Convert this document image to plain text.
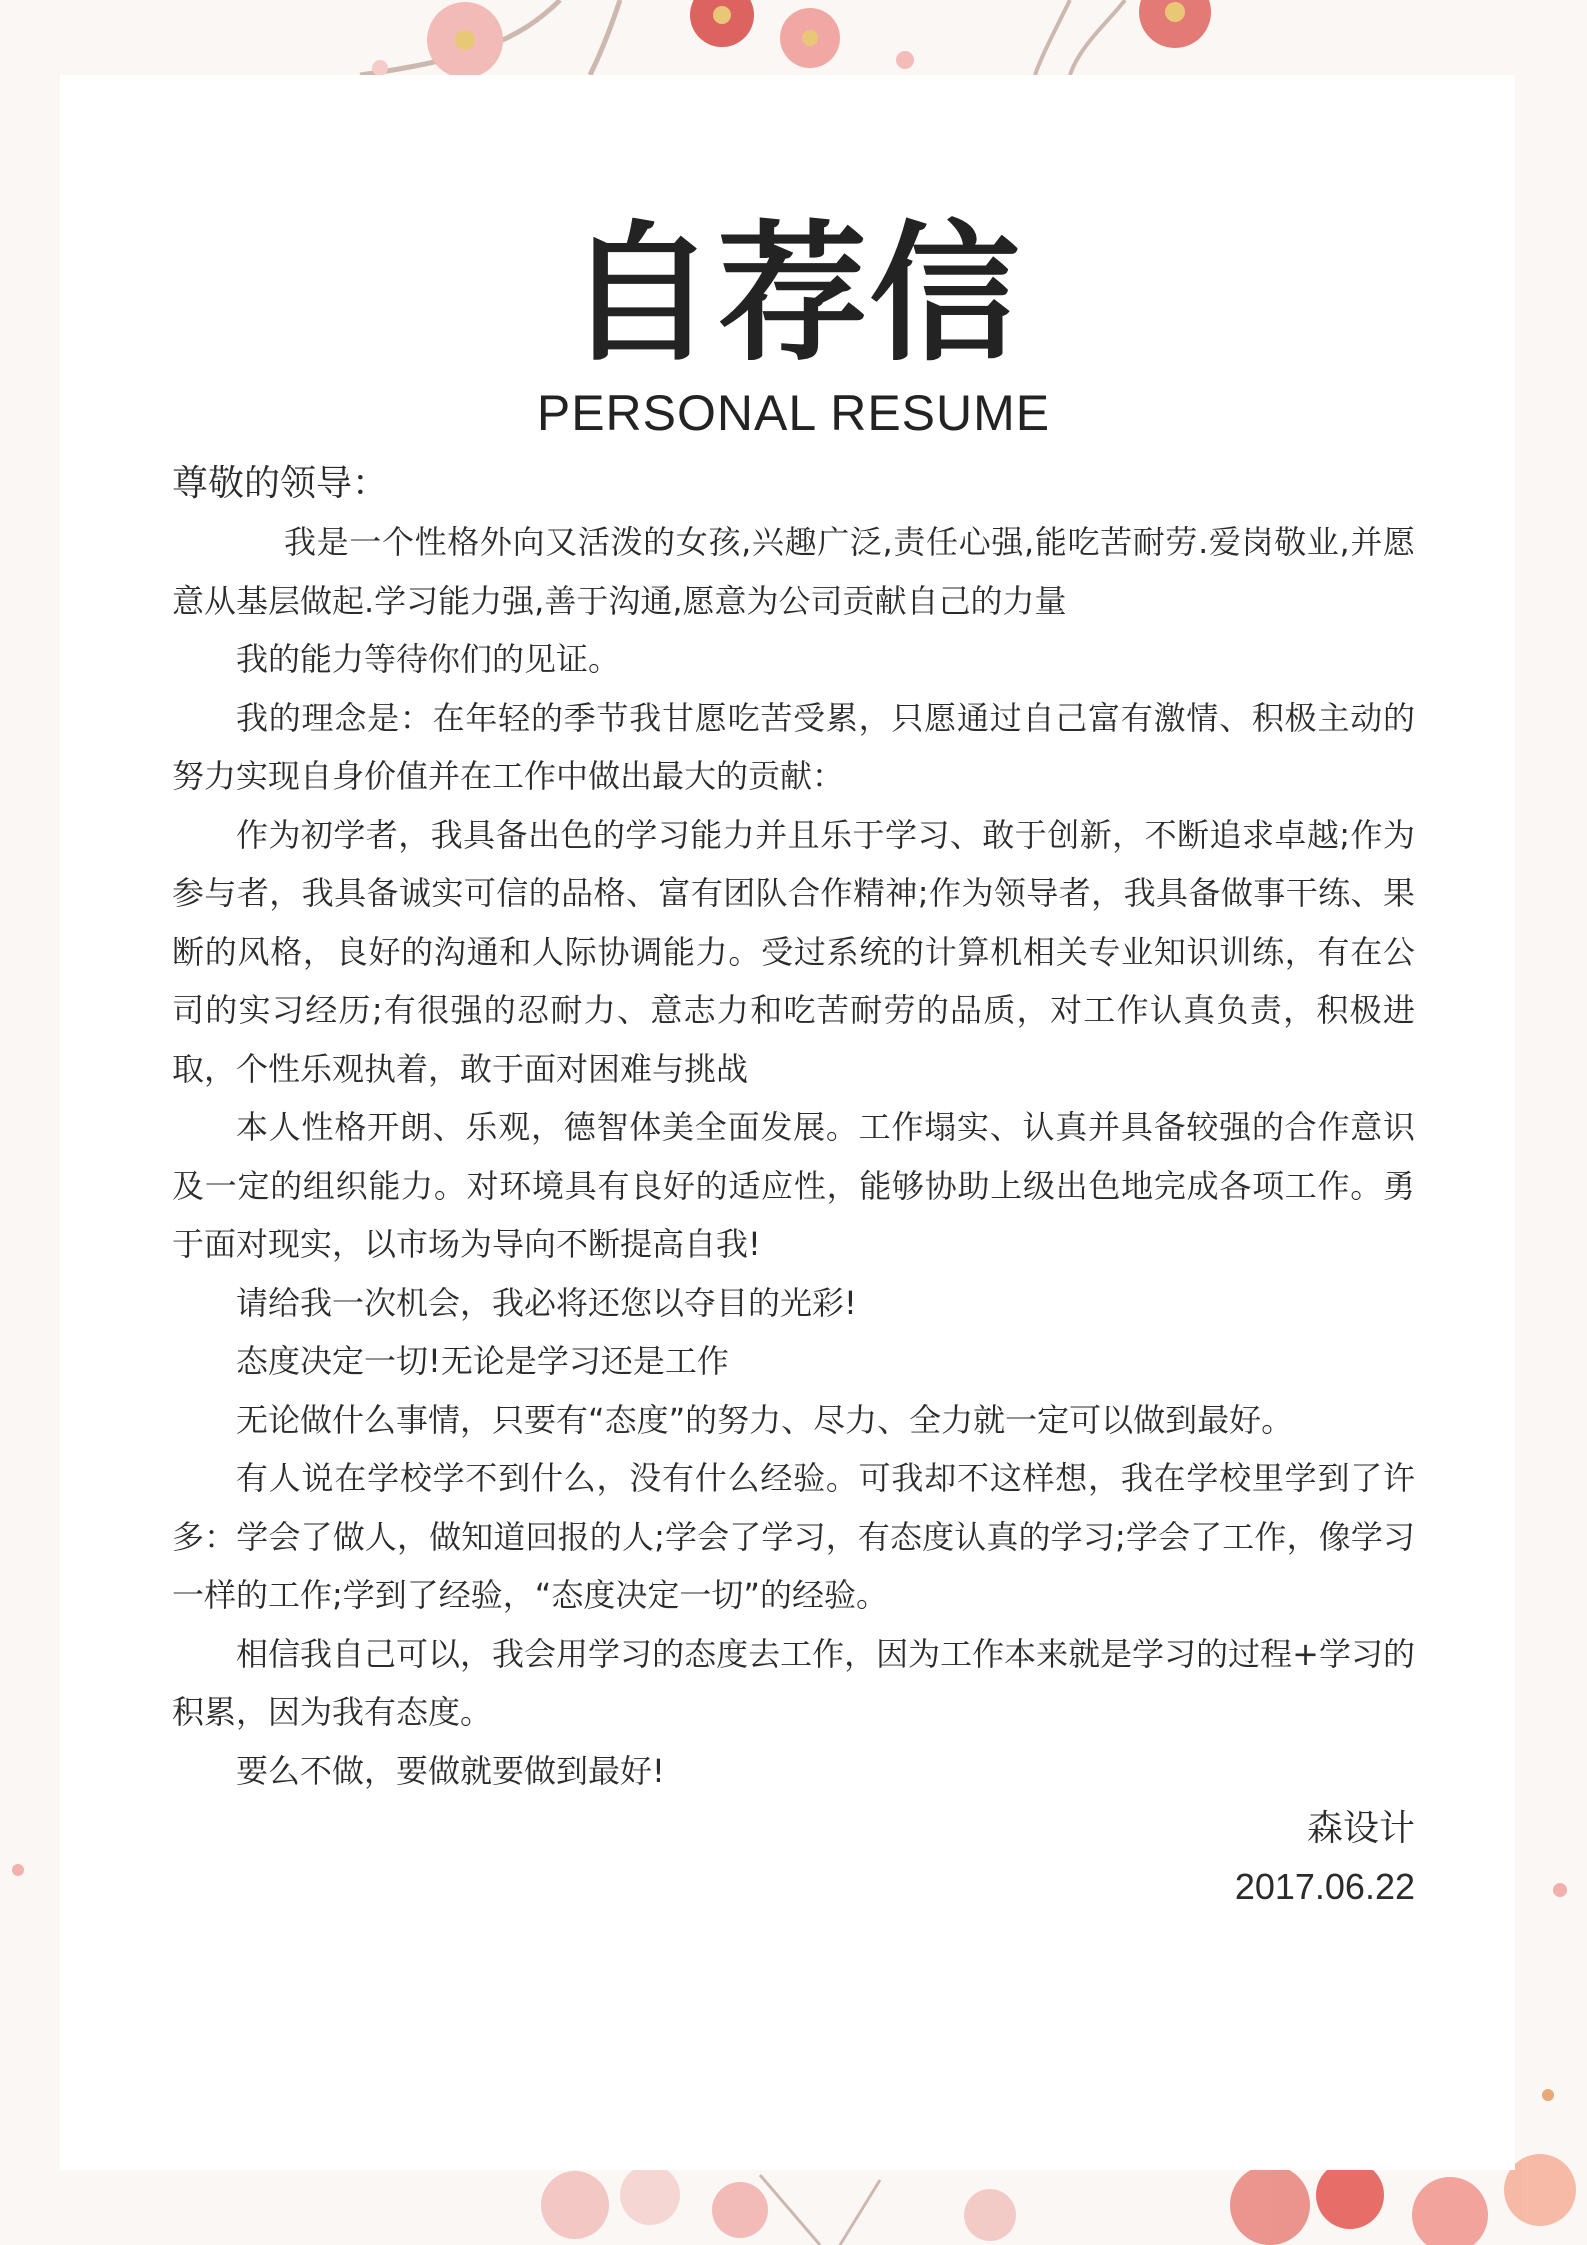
自荐信
PERSONAL RESUME

尊敬的领导：

我是一个性格外向又活泼的女孩,兴趣广泛,责任心强,能吃苦耐劳.爱岗敬业,并愿意从基层做起.学习能力强,善于沟通,愿意为公司贡献自己的力量

我的能力等待你们的见证。

我的理念是：在年轻的季节我甘愿吃苦受累，只愿通过自己富有激情、积极主动的努力实现自身价值并在工作中做出最大的贡献：

作为初学者，我具备出色的学习能力并且乐于学习、敢于创新，不断追求卓越;作为参与者，我具备诚实可信的品格、富有团队合作精神;作为领导者，我具备做事干练、果断的风格，良好的沟通和人际协调能力。受过系统的计算机相关专业知识训练，有在公司的实习经历;有很强的忍耐力、意志力和吃苦耐劳的品质，对工作认真负责，积极进取，个性乐观执着，敢于面对困难与挑战

本人性格开朗、乐观，德智体美全面发展。工作塌实、认真并具备较强的合作意识及一定的组织能力。对环境具有良好的适应性，能够协助上级出色地完成各项工作。勇于面对现实，以市场为导向不断提高自我!

请给我一次机会，我必将还您以夺目的光彩!

态度决定一切!无论是学习还是工作

无论做什么事情，只要有“态度”的努力、尽力、全力就一定可以做到最好。

有人说在学校学不到什么，没有什么经验。可我却不这样想，我在学校里学到了许多：学会了做人，做知道回报的人;学会了学习，有态度认真的学习;学会了工作，像学习一样的工作;学到了经验，“态度决定一切”的经验。

相信我自己可以，我会用学习的态度去工作，因为工作本来就是学习的过程+学习的积累，因为我有态度。

要么不做，要做就要做到最好!

森设计

2017.06.22
